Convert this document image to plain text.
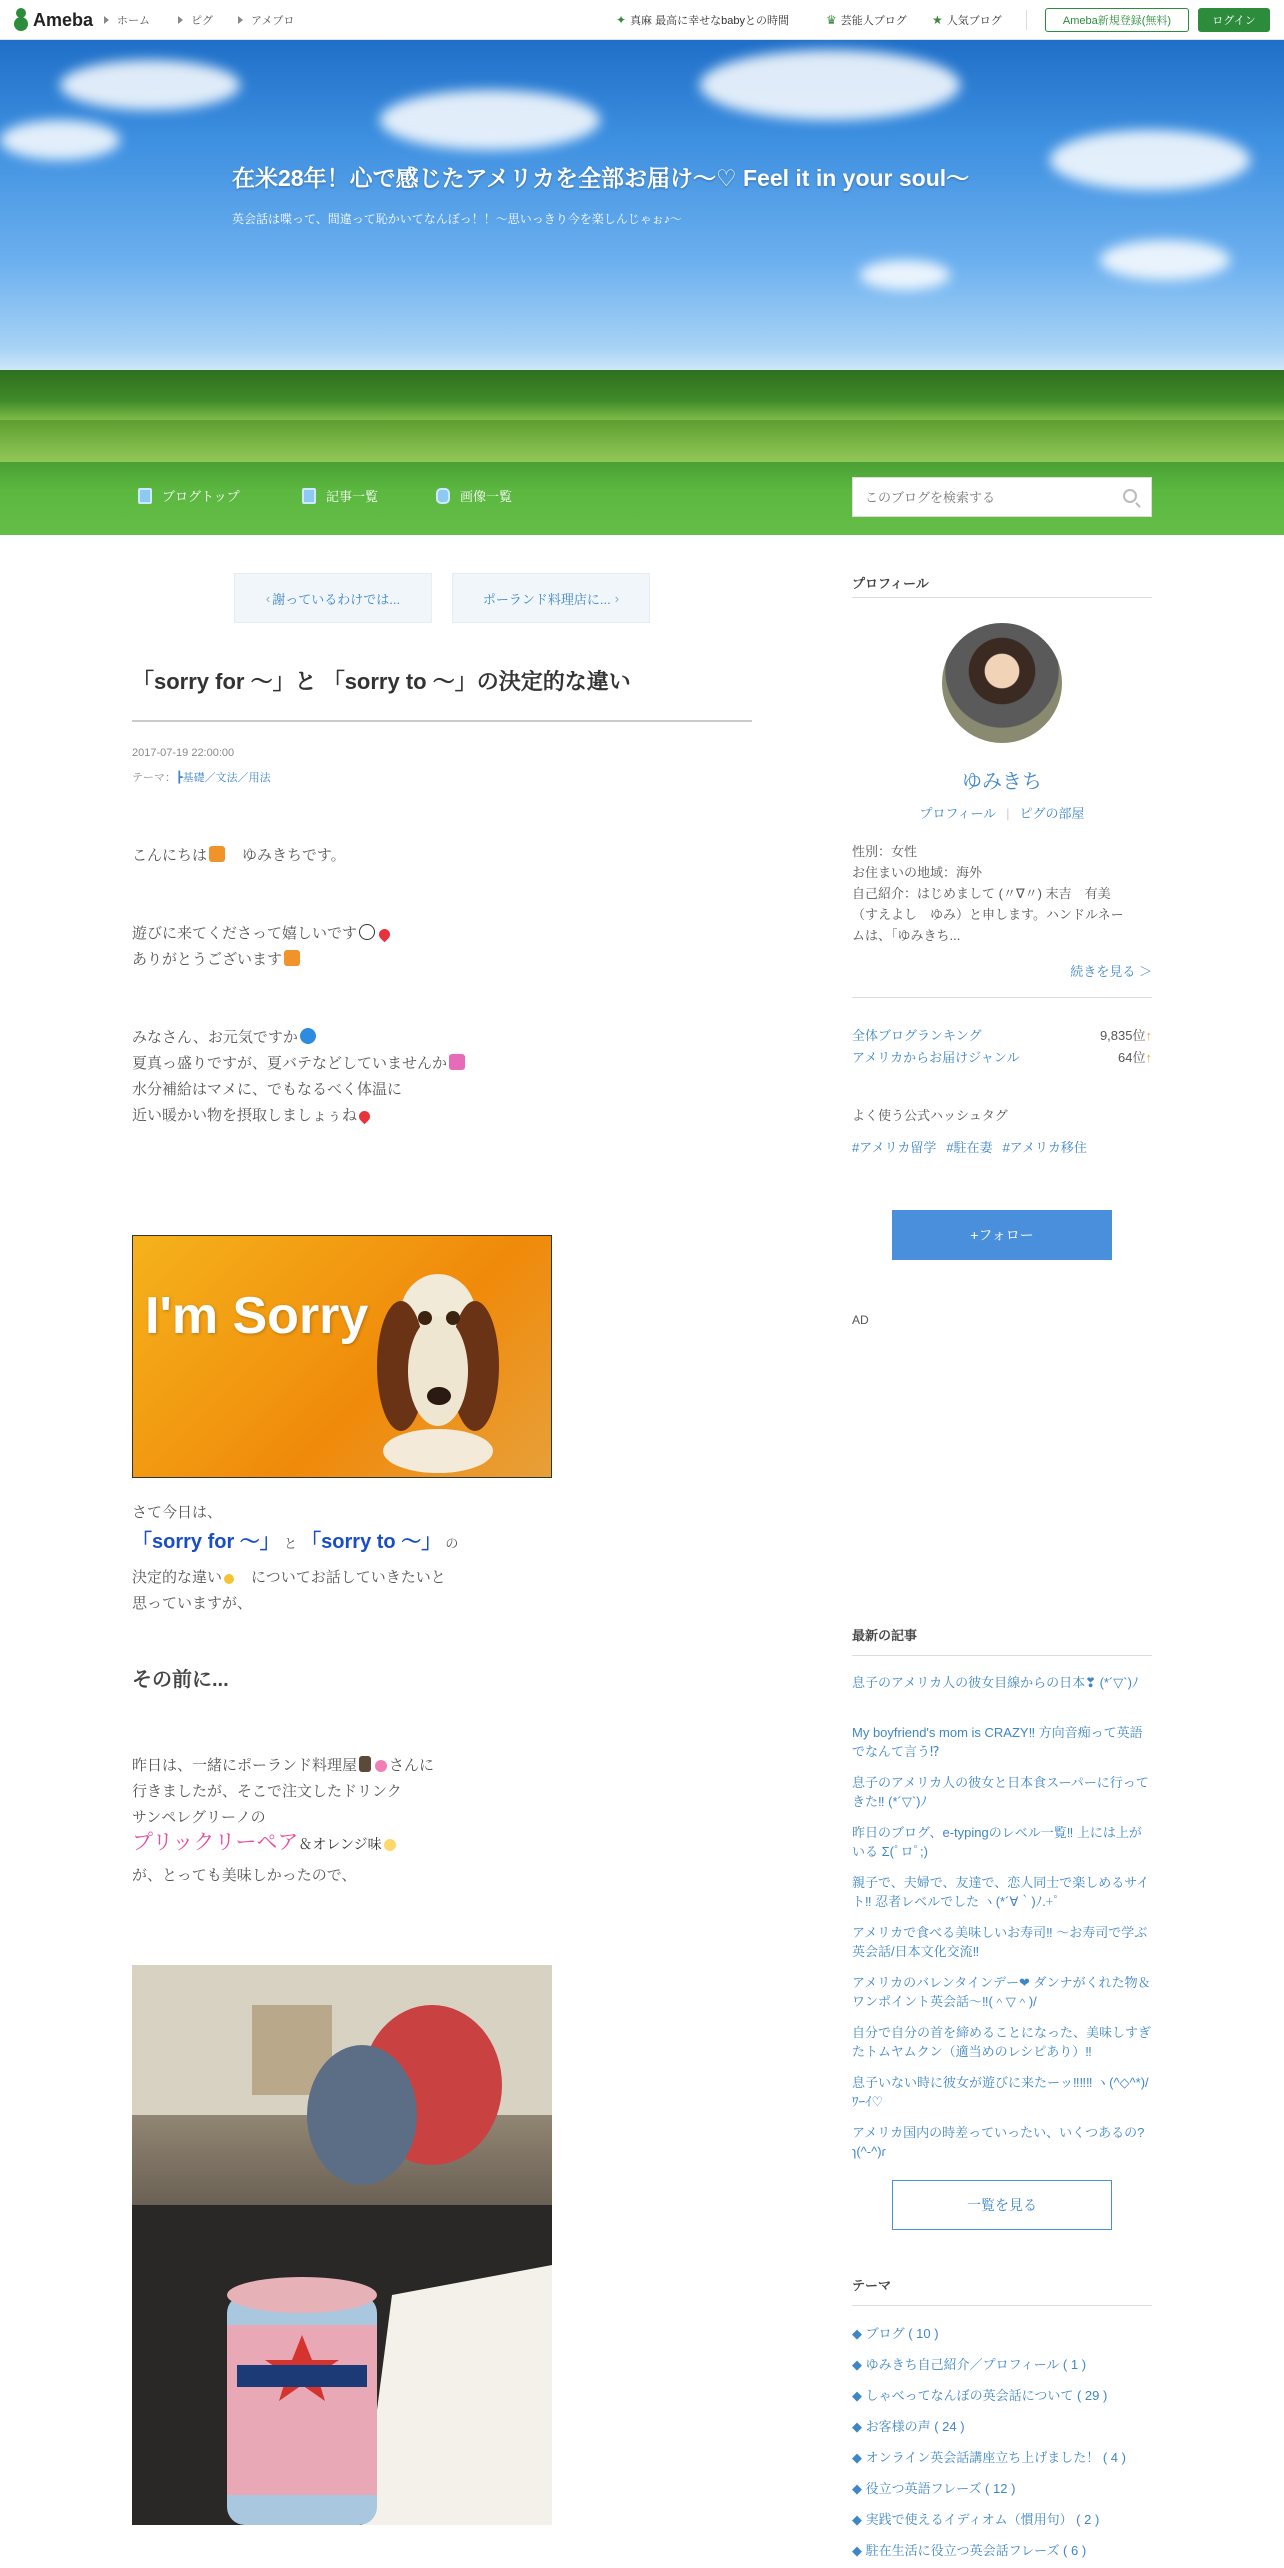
Ameba ホーム	ピグ	アメブロ	✦ 真麻 最高に幸せなbabyとの時間	♛ 芸能人ブログ ★ 人気ブログ	Ameba新規登録(無料)	ログイン
在米28年！心で感じたアメリカを全部お届け〜♡ Feel it in your soul〜
英会話は喋って、間違って恥かいてなんぼっ！！〜思いっきり今を楽しんじゃぉ♪〜
ブログトップ	記事一覧	画像一覧
このブログを検索する
‹ 謝っているわけでは...	ポーランド料理店に... ›
「sorry for 〜」と 「sorry to 〜」の決定的な違い
2017-07-19 22:00:00
テーマ：┣基礎／文法／用法
こんにちは　 ゆみきちです。
遊びに来てくださって嬉しいです
ありがとうございます
みなさん、お元気ですか
夏真っ盛りですが、夏バテなどしていませんか
水分補給はマメに、でもなるべく体温に
近い暖かい物を摂取しましょぅね
I'm Sorry
さて今日は、
「sorry for 〜」 と 「sorry to 〜」 の
決定的な違い　 についてお話していきたいと
思っていますが、
その前に...
昨日は、一緒にポーランド料理屋 さんに
行きましたが、そこで注文したドリンク
サンペレグリーノの
プリックリーペア＆オレンジ味
が、とっても美味しかったので、
プロフィール
ゆみきち
プロフィール | ピグの部屋
性別：女性
お住まいの地域：海外
自己紹介：はじめまして (〃∇〃) 末吉　有美
（すえよし　ゆみ）と申します。ハンドルネー
ムは、「ゆみきち...
続きを見る ＞
全体ブログランキング	9,835位↑
アメリカからお届けジャンル	64位↑
よく使う公式ハッシュタグ
#アメリカ留学 #駐在妻 #アメリカ移住
+フォロー
AD
最新の記事
息子のアメリカ人の彼女目線からの日本❣ (*´▽`)ﾉ
My boyfriend's mom is CRAZY‼︎ 方向音痴って英語でなんて言う⁉
息子のアメリカ人の彼女と日本食スーパーに行ってきた‼︎ (*´▽`)ﾉ
昨日のブログ、e-typingのレベル一覧‼︎ 上には上がいる Σ(ﾟロﾟ;)
親子で、夫婦で、友達で、恋人同士で楽しめるサイト‼︎ 忍者レベルでした ヽ(*´∀｀)ﾉ.+ﾟ
アメリカで食べる美味しいお寿司‼︎ 〜お寿司で学ぶ英会話/日本文化交流‼︎
アメリカのバレンタインデー❤ ダンナがくれた物＆ワンポイント英会話〜‼︎(＾▽＾)/
自分で自分の首を締めることになった、美味しすぎたトムヤムクン（適当めのレシピあり）‼︎
息子いない時に彼女が遊びに来たーッ‼︎‼︎‼︎ ヽ(^◇^*)/ ﾜｰｲ♡
アメリカ国内の時差っていったい、いくつあるの?　ɿ(^-^)ɾ
一覧を見る
テーマ
◆ ブログ ( 10 )
◆ ゆみきち自己紹介／プロフィール ( 1 )
◆ しゃべってなんぼの英会話について ( 29 )
◆ お客様の声 ( 24 )
◆ オンライン英会話講座立ち上げました！ ( 4 )
◆ 役立つ英語フレーズ ( 12 )
◆ 実践で使えるイディオム（慣用句） ( 2 )
◆ 駐在生活に役立つ英会話フレーズ ( 6 )
